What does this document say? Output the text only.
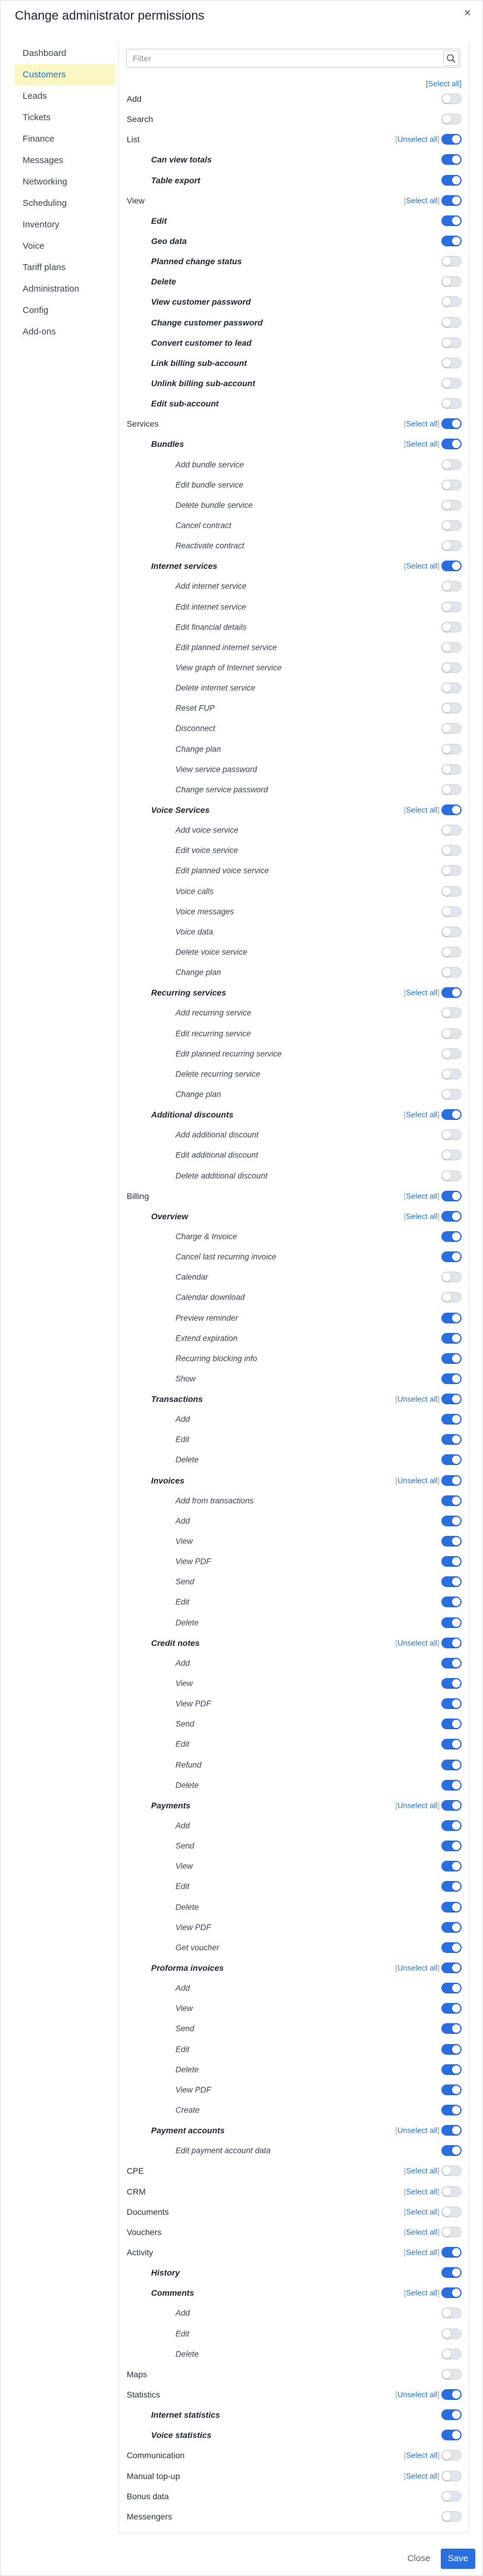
Change administrator permissions	×
Dashboard
Customers
Leads
Tickets
Finance
Messages
Networking
Scheduling
Inventory
Voice
Tariff plans
Administration
Config
Add-ons
Filter
[Select all]
Add
Search
List	[Unselect all]
Can view totals
Table export
View	[Select all]
Edit
Geo data
Planned change status
Delete
View customer password
Change customer password
Convert customer to lead
Link billing sub-account
Unlink billing sub-account
Edit sub-account
Services	[Select all]
Bundles	[Select all]
Add bundle service
Edit bundle service
Delete bundle service
Cancel contract
Reactivate contract
Internet services	[Select all]
Add internet service
Edit internet service
Edit financial details
Edit planned internet service
View graph of Internet service
Delete internet service
Reset FUP
Disconnect
Change plan
View service password
Change service password
Voice Services	[Select all]
Add voice service
Edit voice service
Edit planned voice service
Voice calls
Voice messages
Voice data
Delete voice service
Change plan
Recurring services	[Select all]
Add recurring service
Edit recurring service
Edit planned recurring service
Delete recurring service
Change plan
Additional discounts	[Select all]
Add additional discount
Edit additional discount
Delete additional discount
Billing	[Select all]
Overview	[Select all]
Charge & Invoice
Cancel last recurring invoice
Calendar
Calendar download
Preview reminder
Extend expiration
Recurring blocking info
Show
Transactions	[Unselect all]
Add
Edit
Delete
Invoices	[Unselect all]
Add from transactions
Add
View
View PDF
Send
Edit
Delete
Credit notes	[Unselect all]
Add
View
View PDF
Send
Edit
Refund
Delete
Payments	[Unselect all]
Add
Send
View
Edit
Delete
View PDF
Get voucher
Proforma invoices	[Unselect all]
Add
View
Send
Edit
Delete
View PDF
Create
Payment accounts	[Unselect all]
Edit payment account data
CPE	[Select all]
CRM	[Select all]
Documents	[Select all]
Vouchers	[Select all]
Activity	[Select all]
History
Comments	[Select all]
Add
Edit
Delete
Maps
Statistics	[Unselect all]
Internet statistics
Voice statistics
Communication	[Select all]
Manual top-up	[Select all]
Bonus data
Messengers
Close	Save
